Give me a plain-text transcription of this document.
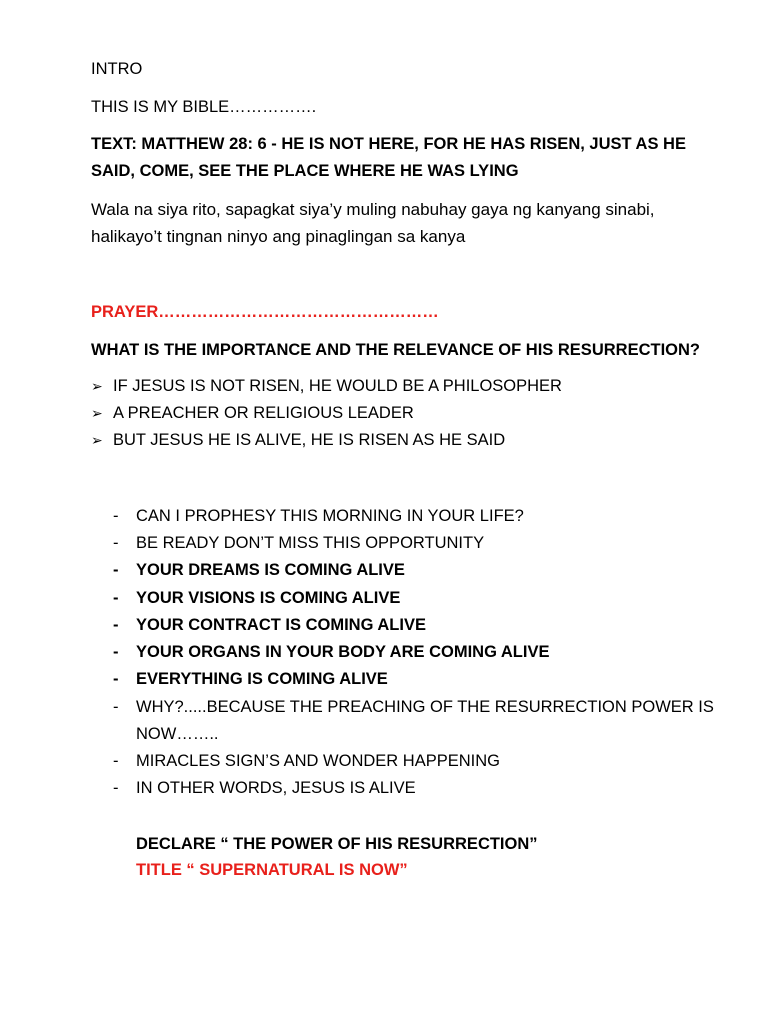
INTRO
THIS IS MY BIBLE…………….
TEXT: MATTHEW 28: 6 - HE IS NOT HERE, FOR HE HAS RISEN, JUST AS HE
SAID, COME, SEE THE PLACE WHERE HE WAS LYING
Wala na siya rito, sapagkat siya’y muling nabuhay gaya ng kanyang sinabi,
halikayo’t tingnan ninyo ang pinaglingan sa kanya
PRAYER……………………………………………
WHAT IS THE IMPORTANCE AND THE RELEVANCE OF HIS RESURRECTION?
➢ IF JESUS IS NOT RISEN, HE WOULD BE A PHILOSOPHER
➢ A PREACHER OR RELIGIOUS LEADER
➢ BUT JESUS HE IS ALIVE, HE IS RISEN AS HE SAID
- CAN I PROPHESY THIS MORNING IN YOUR LIFE?
- BE READY DON’T MISS THIS OPPORTUNITY
- YOUR DREAMS IS COMING ALIVE
- YOUR VISIONS IS COMING ALIVE
- YOUR CONTRACT IS COMING ALIVE
- YOUR ORGANS IN YOUR BODY ARE COMING ALIVE
- EVERYTHING IS COMING ALIVE
- WHY?.....BECAUSE THE PREACHING OF THE RESURRECTION POWER IS
NOW……..
- MIRACLES SIGN’S AND WONDER HAPPENING
- IN OTHER WORDS, JESUS IS ALIVE
DECLARE “ THE POWER OF HIS RESURRECTION”
TITLE “ SUPERNATURAL IS NOW”
